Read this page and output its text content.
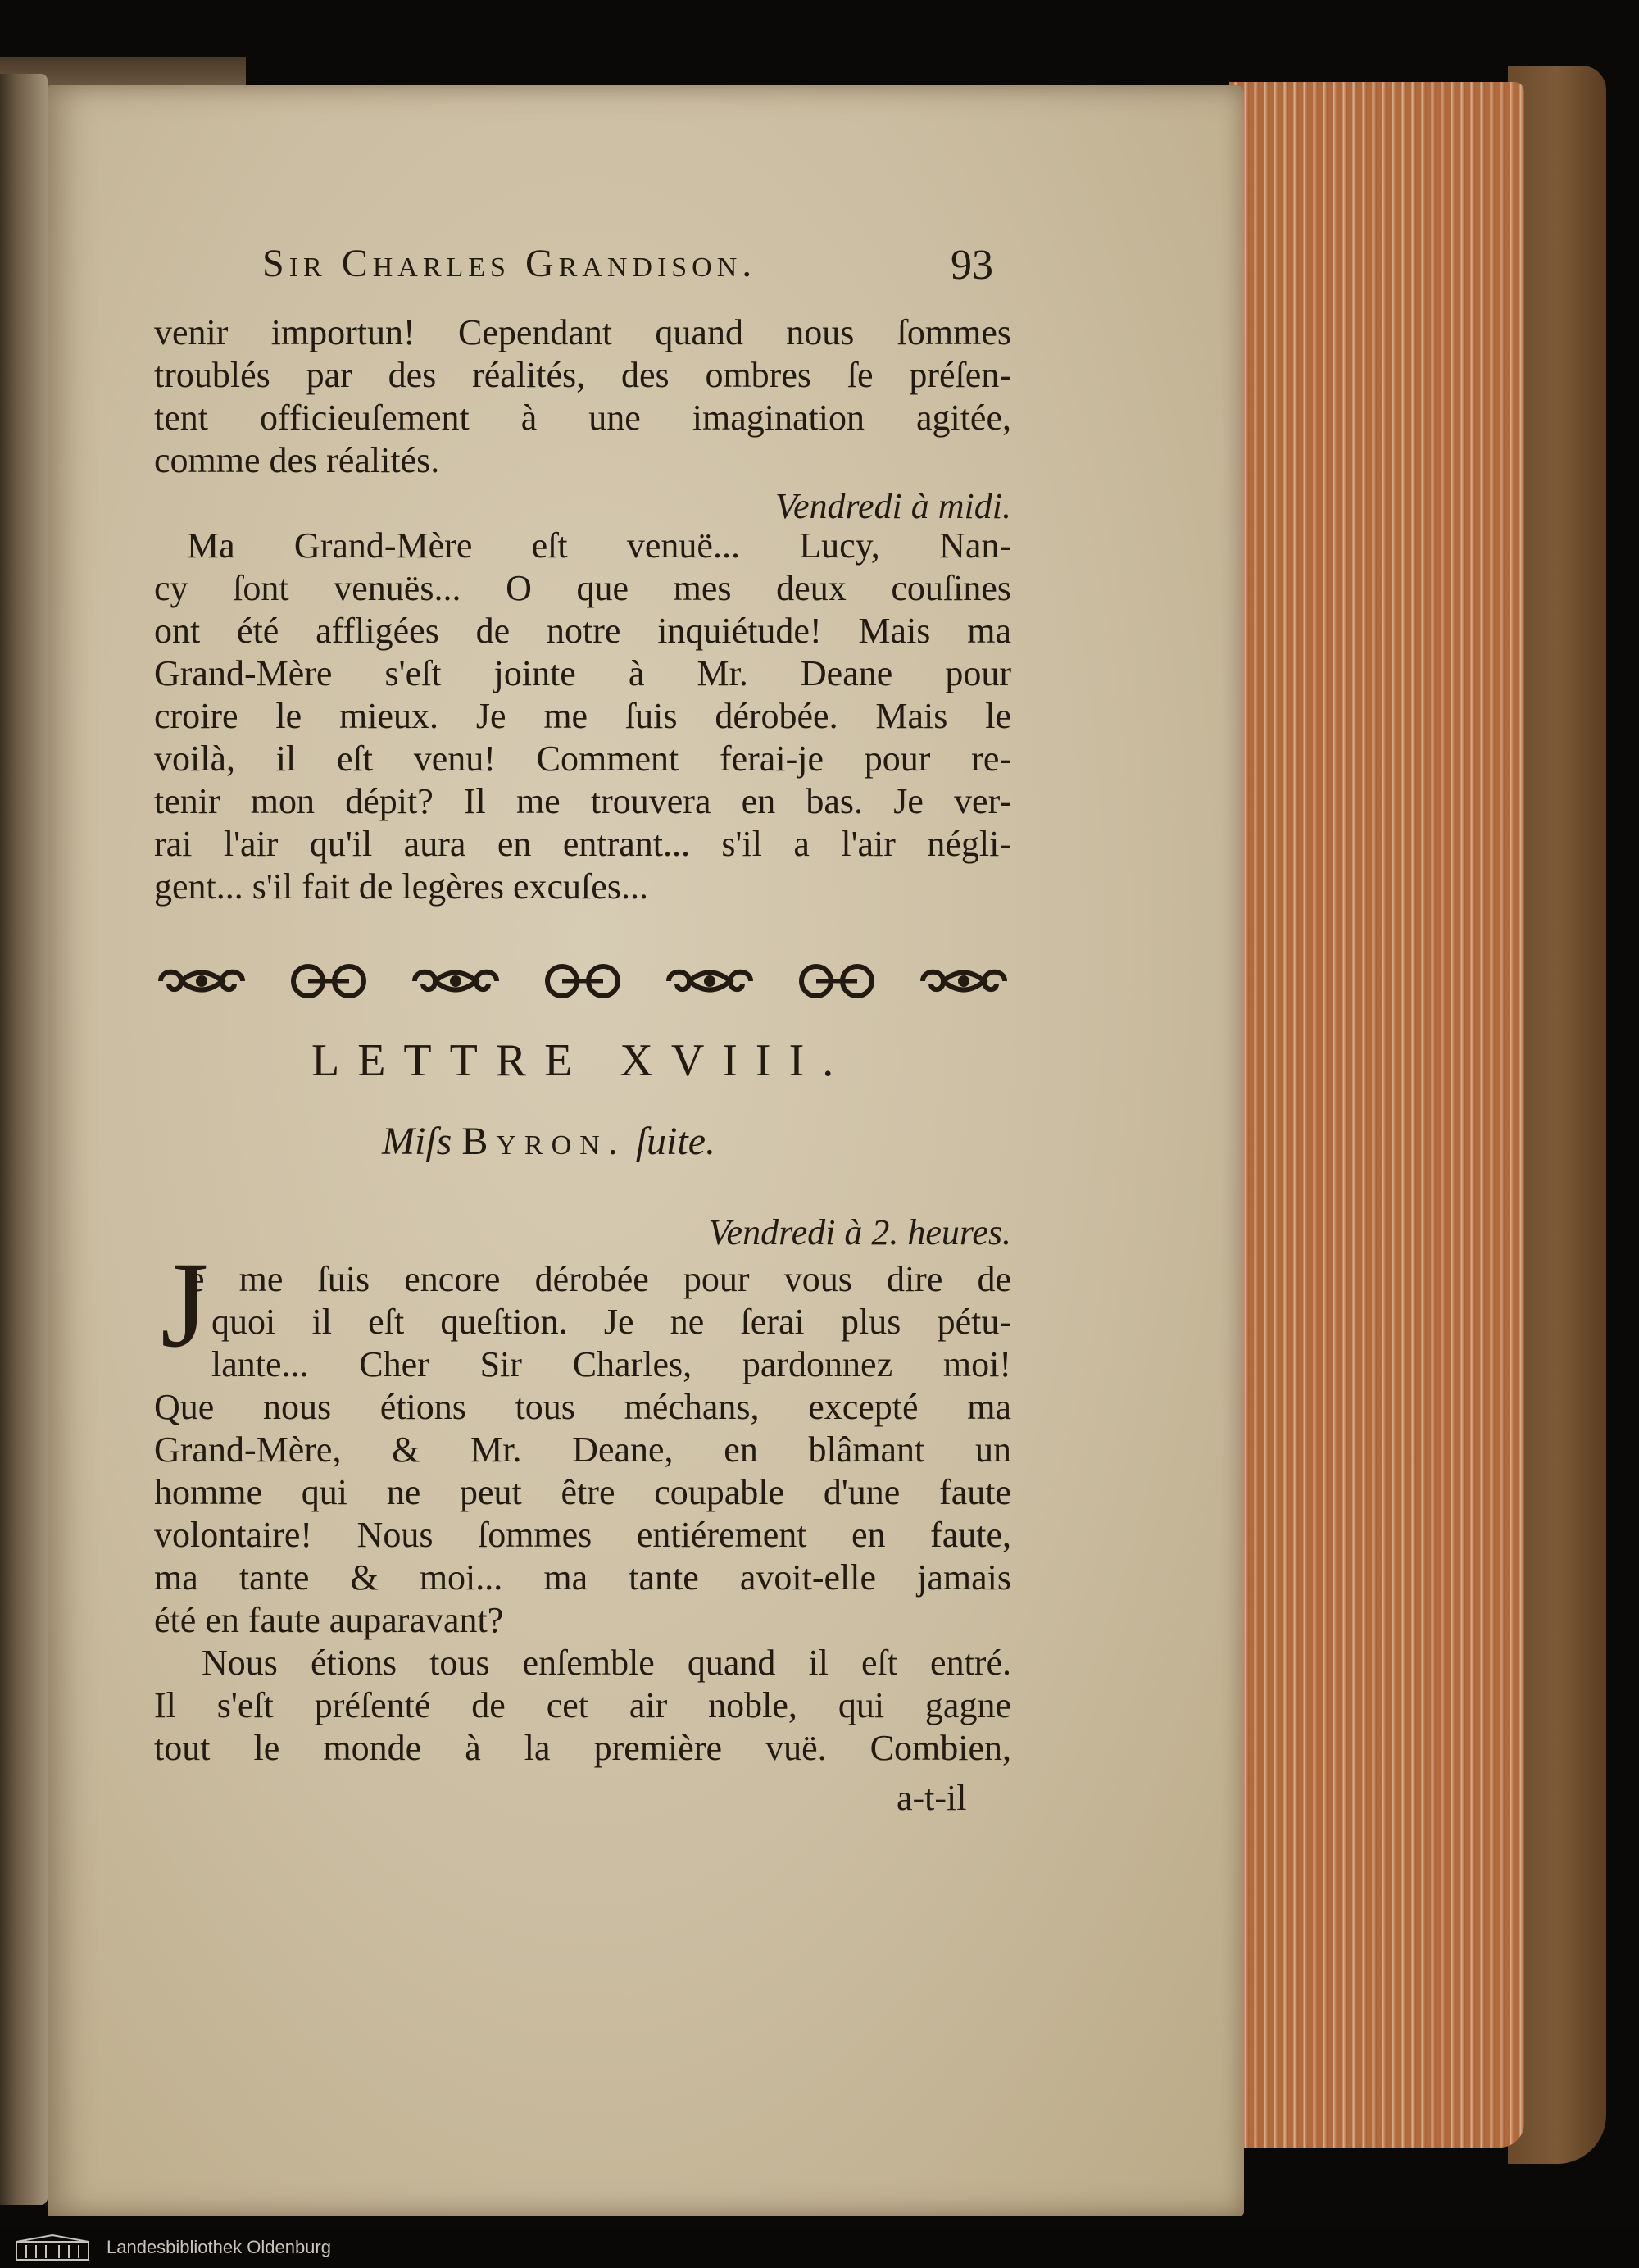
Sir Charles Grandison.	93
venir importun! Cependant quand nous ſommes
troublés par des réalités, des ombres ſe préſen-
tent officieuſement à une imagination agitée,
comme des réalités.
Vendredi à midi.
Ma Grand-Mère eſt venuë... Lucy, Nan-
cy ſont venuës... O que mes deux couſines
ont été affligées de notre inquiétude! Mais ma
Grand-Mère s'eſt jointe à Mr. Deane pour
croire le mieux. Je me ſuis dérobée. Mais le
voilà, il eſt venu! Comment ferai-je pour re-
tenir mon dépit? Il me trouvera en bas. Je ver-
rai l'air qu'il aura en entrant... s'il a l'air négli-
gent... s'il fait de legères excuſes...
LETTRE XVIII.
Miſs Byron. ſuite.
Vendredi à 2. heures.
J
e me ſuis encore dérobée pour vous dire de
quoi il eſt queſtion. Je ne ſerai plus pétu-
lante... Cher Sir Charles, pardonnez moi!
Que nous étions tous méchans, excepté ma
Grand-Mère, & Mr. Deane, en blâmant un
homme qui ne peut être coupable d'une faute
volontaire! Nous ſommes entiérement en faute,
ma tante & moi... ma tante avoit-elle jamais
été en faute auparavant?
Nous étions tous enſemble quand il eſt entré.
Il s'eſt préſenté de cet air noble, qui gagne
tout le monde à la première vuë. Combien,
a-t-il
Landesbibliothek Oldenburg
